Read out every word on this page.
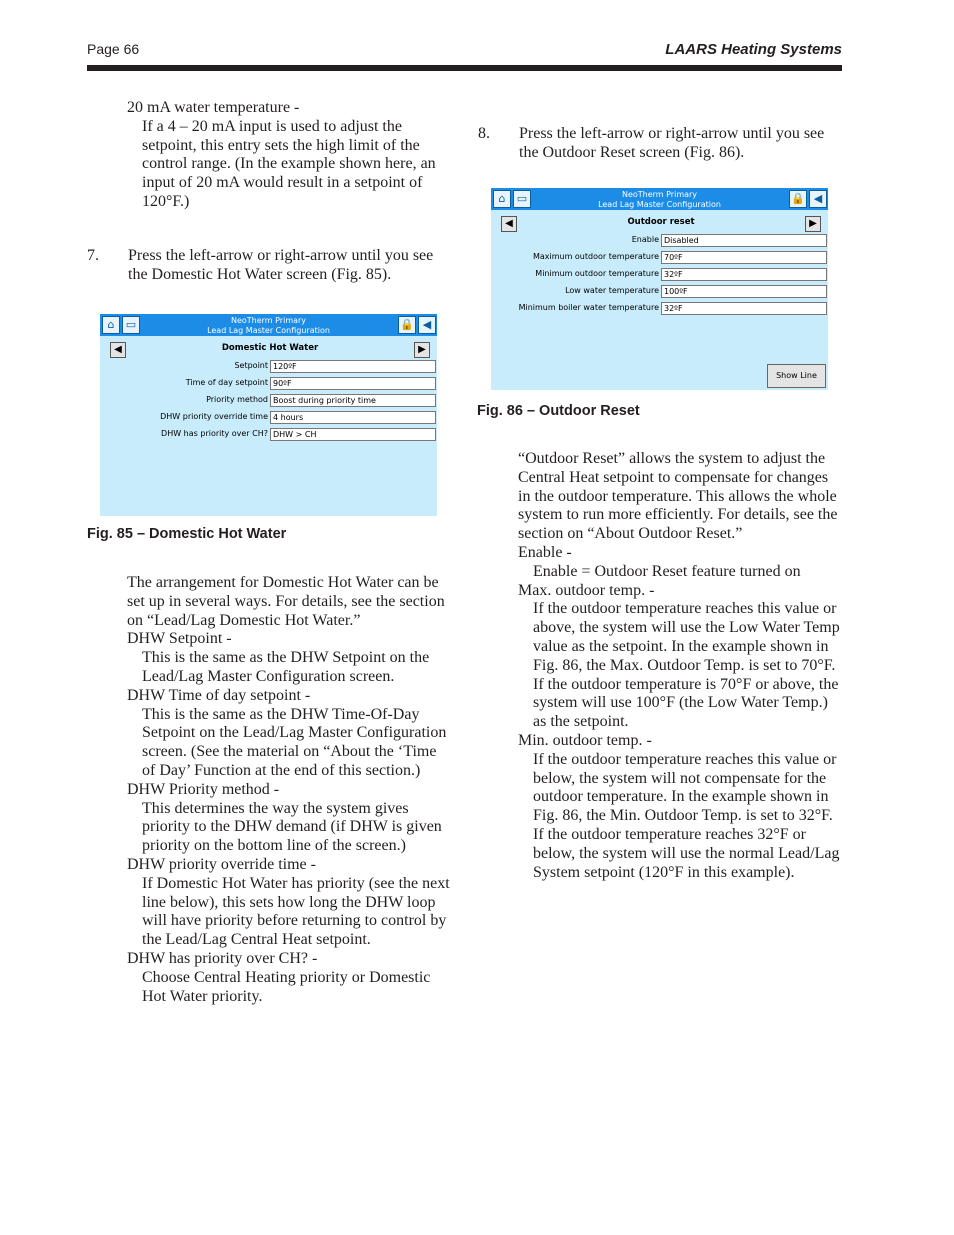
Page 66	LAARS Heating Systems

20 mA water temperature -

If a 4 – 20 mA input is used to adjust the setpoint, this entry sets the high limit of the control range. (In the example shown here, an input of 20 mA would result in a setpoint of 120°F.)

7.	Press the left-arrow or right-arrow until you see the Domestic Hot Water screen (Fig. 85).
NeoTherm Primary
Lead Lag Master Configuration
⌂	▭	🔒 ◀
◀	Domestic Hot Water	▶
Setpoint 120ºF
Time of day setpoint 90ºF
Priority method Boost during priority time
DHW priority override time 4 hours
DHW has priority over CH? DHW > CH
Fig. 85 – Domestic Hot Water

The arrangement for Domestic Hot Water can be set up in several ways. For details, see the section on “Lead/Lag Domestic Hot Water.”

DHW Setpoint -

This is the same as the DHW Setpoint on the Lead/Lag Master Configuration screen.

DHW Time of day setpoint -

This is the same as the DHW Time-Of-Day Setpoint on the Lead/Lag Master Configuration screen. (See the material on “About the ‘Time of Day’ Function at the end of this section.)

DHW Priority method -

This determines the way the system gives priority to the DHW demand (if DHW is given priority on the bottom line of the screen.)

DHW priority override time -

If Domestic Hot Water has priority (see the next line below), this sets how long the DHW loop will have priority before returning to control by the Lead/Lag Central Heat setpoint.

DHW has priority over CH? -

Choose Central Heating priority or Domestic Hot Water priority.

8.	Press the left-arrow or right-arrow until you see the Outdoor Reset screen (Fig. 86).
NeoTherm Primary
Lead Lag Master Configuration
⌂	▭	🔒 ◀
◀	Outdoor reset	▶
Enable Disabled
Maximum outdoor temperature 70ºF
Minimum outdoor temperature 32ºF
Low water temperature 100ºF
Minimum boiler water temperature 32ºF
Show Line
Fig. 86 – Outdoor Reset

“Outdoor Reset” allows the system to adjust the Central Heat setpoint to compensate for changes in the outdoor temperature. This allows the whole system to run more efficiently. For details, see the section on “About Outdoor Reset.”

Enable -

Enable = Outdoor Reset feature turned on

Max. outdoor temp. -

If the outdoor temperature reaches this value or above, the system will use the Low Water Temp value as the setpoint. In the example shown in Fig. 86, the Max. Outdoor Temp. is set to 70°F. If the outdoor temperature is 70°F or above, the system will use 100°F (the Low Water Temp.) as the setpoint.

Min. outdoor temp. -

If the outdoor temperature reaches this value or below, the system will not compensate for the outdoor temperature. In the example shown in Fig. 86, the Min. Outdoor Temp. is set to 32°F. If the outdoor temperature reaches 32°F or below, the system will use the normal Lead/Lag System setpoint (120°F in this example).
